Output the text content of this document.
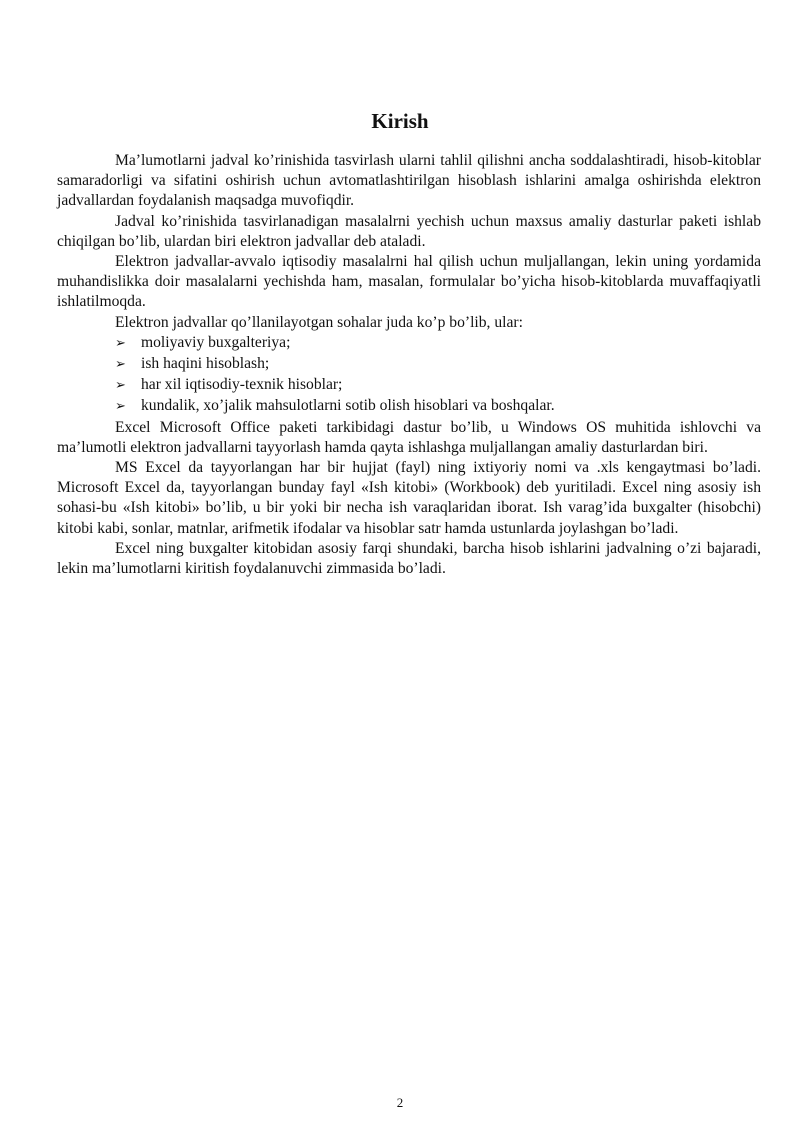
Kirish

Ma’lumotlarni jadval ko’rinishida tasvirlash ularni tahlil qilishni ancha soddalashtiradi, hisob-kitoblar samaradorligi va sifatini oshirish uchun avtomatlashtirilgan hisoblash ishlarini amalga oshirishda elektron jadvallardan foydalanish maqsadga muvofiqdir.

Jadval ko’rinishida tasvirlanadigan masalalrni yechish uchun maxsus amaliy dasturlar paketi ishlab chiqilgan bo’lib, ulardan biri elektron jadvallar deb ataladi.

Elektron jadvallar-avvalo iqtisodiy masalalrni hal qilish uchun muljallangan, lekin uning yordamida muhandislikka doir masalalarni yechishda ham, masalan, formulalar bo’yicha hisob-kitoblarda muvaffaqiyatli ishlatilmoqda.

Elektron jadvallar qo’llanilayotgan sohalar juda ko’p bo’lib, ular:

➢ moliyaviy buxgalteriya;
➢ ish haqini hisoblash;
➢ har xil iqtisodiy-texnik hisoblar;
➢ kundalik, xo’jalik mahsulotlarni sotib olish hisoblari va boshqalar.

Excel Microsoft Office paketi tarkibidagi dastur bo’lib, u Windows OS muhitida ishlovchi va ma’lumotli elektron jadvallarni tayyorlash hamda qayta ishlashga muljallangan amaliy dasturlardan biri.

MS Excel da tayyorlangan har bir hujjat (fayl) ning ixtiyoriy nomi va .xls kengaytmasi bo’ladi. Microsoft Excel da, tayyorlangan bunday fayl «Ish kitobi» (Workbook) deb yuritiladi. Excel ning asosiy ish sohasi-bu «Ish kitobi» bo’lib, u bir yoki bir necha ish varaqlaridan iborat. Ish varag’ida buxgalter (hisobchi) kitobi kabi, sonlar, matnlar, arifmetik ifodalar va hisoblar satr hamda ustunlarda joylashgan bo’ladi.

Excel ning buxgalter kitobidan asosiy farqi shundaki, barcha hisob ishlarini jadvalning o’zi bajaradi, lekin ma’lumotlarni kiritish foydalanuvchi zimmasida bo’ladi.

2
